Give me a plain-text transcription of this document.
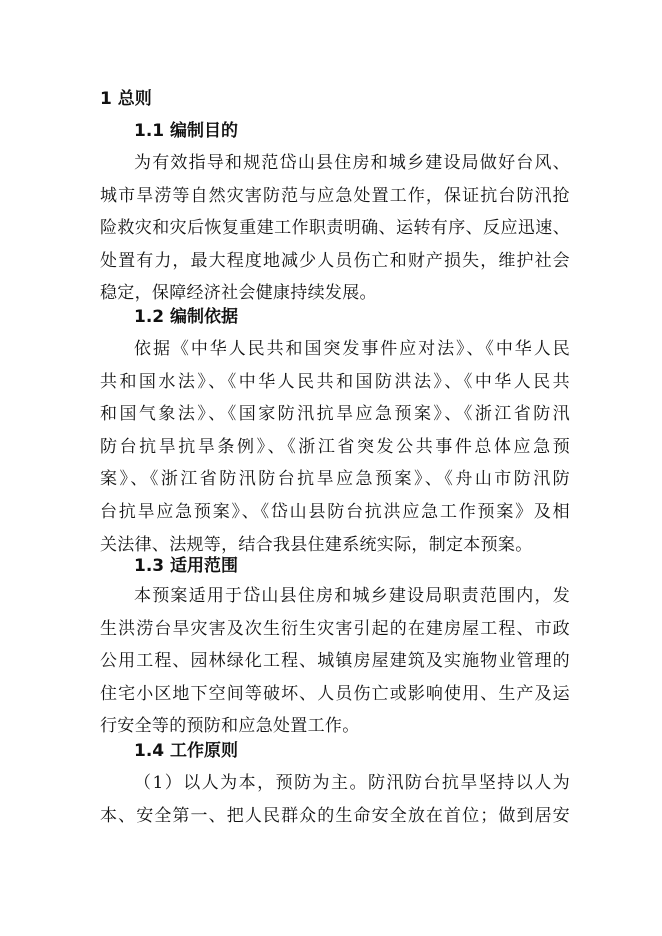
1 总则
1.1 编制目的
为有效指导和规范岱山县住房和城乡建设局做好台风、
城市旱涝等自然灾害防范与应急处置工作，保证抗台防汛抢
险救灾和灾后恢复重建工作职责明确、运转有序、反应迅速、
处置有力，最大程度地减少人员伤亡和财产损失，维护社会
稳定，保障经济社会健康持续发展。
1.2 编制依据
依据《中华人民共和国突发事件应对法》、《中华人民
共和国水法》、《中华人民共和国防洪法》、《中华人民共
和国气象法》、《国家防汛抗旱应急预案》、《浙江省防汛
防台抗旱抗旱条例》、《浙江省突发公共事件总体应急预
案》、《浙江省防汛防台抗旱应急预案》、《舟山市防汛防
台抗旱应急预案》、《岱山县防台抗洪应急工作预案》及相
关法律、法规等，结合我县住建系统实际，制定本预案。
1.3 适用范围
本预案适用于岱山县住房和城乡建设局职责范围内，发
生洪涝台旱灾害及次生衍生灾害引起的在建房屋工程、市政
公用工程、园林绿化工程、城镇房屋建筑及实施物业管理的
住宅小区地下空间等破坏、人员伤亡或影响使用、生产及运
行安全等的预防和应急处置工作。
1.4 工作原则
（1）以人为本，预防为主。防汛防台抗旱坚持以人为
本、安全第一、把人民群众的生命安全放在首位；做到居安
